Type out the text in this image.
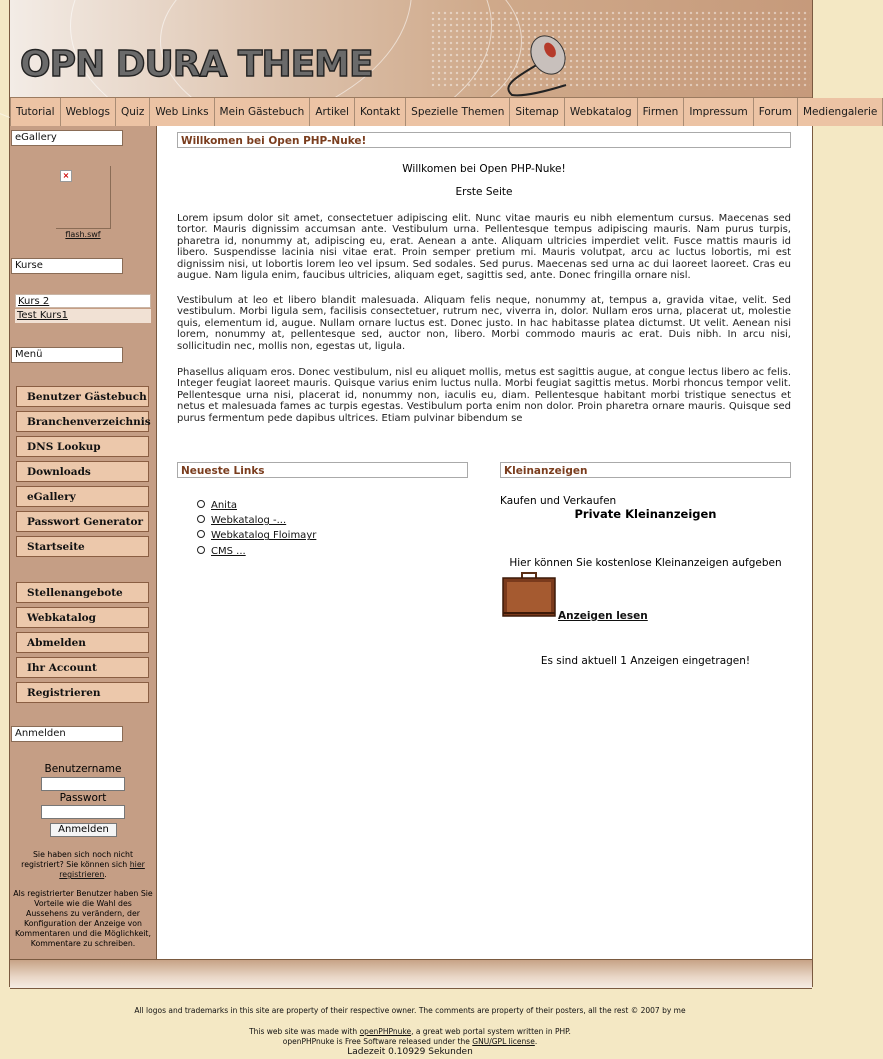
OPN DURA THEME
Tutorial	Weblogs	Quiz	Web Links	Mein Gästebuch	Artikel	Kontakt	Spezielle Themen	Sitemap	Webkatalog	Firmen	Impressum	Forum	Mediengalerie
eGallery
×
flash.swf
Kurse
Kurs 2
Test Kurs1
Menü
Benutzer Gästebuch
Branchenverzeichnis
DNS Lookup
Downloads
eGallery
Passwort Generator
Startseite
Stellenangebote
Webkatalog
Abmelden
Ihr Account
Registrieren
Anmelden
Benutzername
Passwort
Anmelden
Sie haben sich noch nicht registriert? Sie können sich hier registrieren.
Als registrierter Benutzer haben Sie Vorteile wie die Wahl des Aussehens zu verändern, der Konfiguration der Anzeige von Kommentaren und die Möglichkeit, Kommentare zu schreiben.
Willkomen bei Open PHP-Nuke!
Willkomen bei Open PHP-Nuke!
Erste Seite

Lorem ipsum dolor sit amet, consectetuer adipiscing elit. Nunc vitae mauris eu nibh elementum cursus. Maecenas sed tortor. Mauris dignissim accumsan ante. Vestibulum urna. Pellentesque tempus adipiscing mauris. Nam purus turpis, pharetra id, nonummy at, adipiscing eu, erat. Aenean a ante. Aliquam ultricies imperdiet velit. Fusce mattis mauris id libero. Suspendisse lacinia nisi vitae erat. Proin semper pretium mi. Mauris volutpat, arcu ac luctus lobortis, mi est dignissim nisi, ut lobortis lorem leo vel ipsum. Sed sodales. Sed purus. Maecenas sed urna ac dui laoreet laoreet. Cras eu augue. Nam ligula enim, faucibus ultricies, aliquam eget, sagittis sed, ante. Donec fringilla ornare nisl.

Vestibulum at leo et libero blandit malesuada. Aliquam felis neque, nonummy at, tempus a, gravida vitae, velit. Sed vestibulum. Morbi ligula sem, facilisis consectetuer, rutrum nec, viverra in, dolor. Nullam eros urna, placerat ut, molestie quis, elementum id, augue. Nullam ornare luctus est. Donec justo. In hac habitasse platea dictumst. Ut velit. Aenean nisi lorem, nonummy at, pellentesque sed, auctor non, libero. Morbi commodo mauris ac erat. Duis nibh. In arcu nisi, sollicitudin nec, mollis non, egestas ut, ligula.

Phasellus aliquam eros. Donec vestibulum, nisl eu aliquet mollis, metus est sagittis augue, at congue lectus libero ac felis. Integer feugiat laoreet mauris. Quisque varius enim luctus nulla. Morbi feugiat sagittis metus. Morbi rhoncus tempor velit. Pellentesque urna nisi, placerat id, nonummy non, iaculis eu, diam. Pellentesque habitant morbi tristique senectus et netus et malesuada fames ac turpis egestas. Vestibulum porta enim non dolor. Proin pharetra ornare mauris. Quisque sed purus fermentum pede dapibus ultrices. Etiam pulvinar bibendum se

Neueste Links
Anita
Webkatalog -...
Webkatalog Floimayr
CMS ...
Kleinanzeigen
Kaufen und Verkaufen
Private Kleinanzeigen
Hier können Sie kostenlose Kleinanzeigen aufgeben
Anzeigen lesen
Es sind aktuell 1 Anzeigen eingetragen!
All logos and trademarks in this site are property of their respective owner. The comments are property of their posters, all the rest © 2007 by me
This web site was made with openPHPnuke, a great web portal system written in PHP.
openPHPnuke is Free Software released under the GNU/GPL license.
Ladezeit 0.10929 Sekunden
